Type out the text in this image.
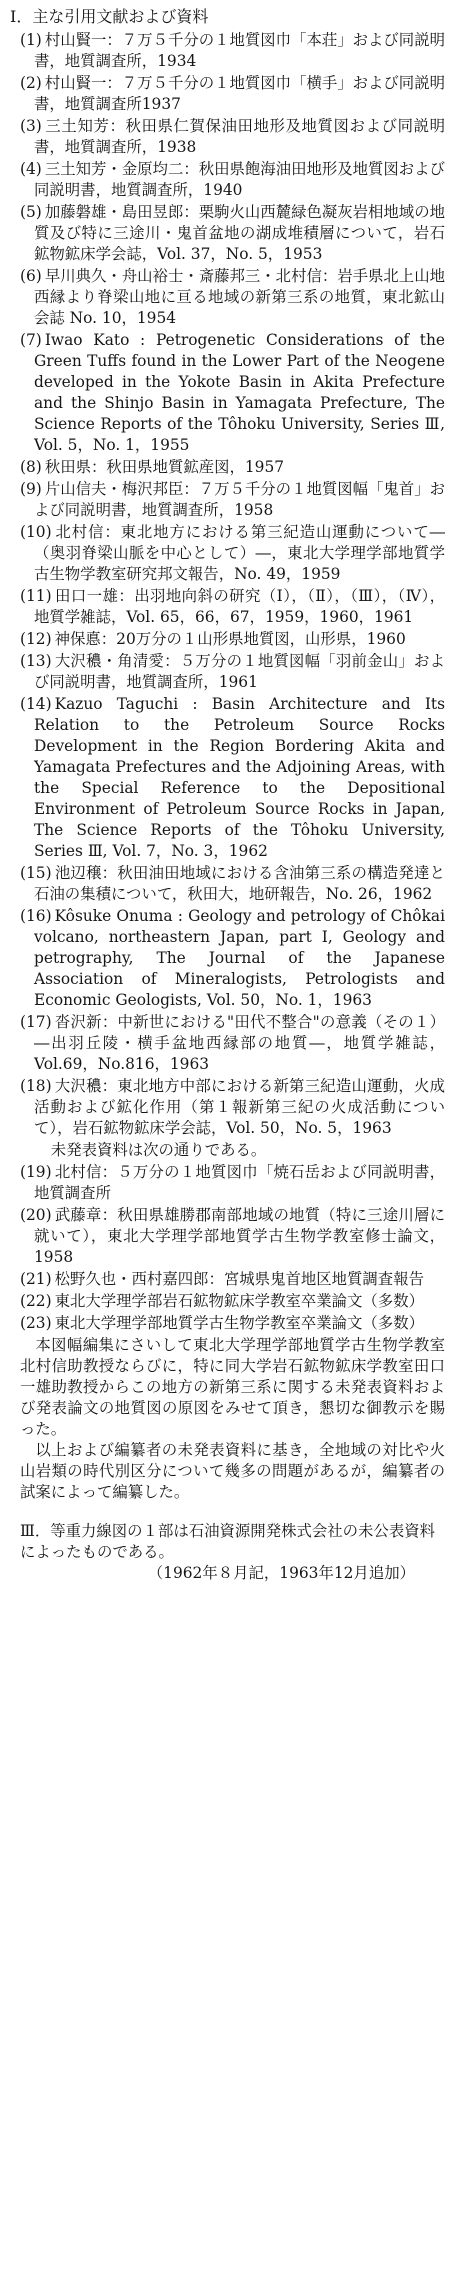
I．主な引用文献および資料
(1) 村山賢一：７万５千分の１地質図巾「本荘」および同説明書，地質調査所，1934
(2) 村山賢一：７万５千分の１地質図巾「横手」および同説明書，地質調査所1937
(3) 三土知芳：秋田県仁賀保油田地形及地質図および同説明書，地質調査所，1938
(4) 三土知芳・金原均二：秋田県飽海油田地形及地質図および同説明書，地質調査所，1940
(5) 加藤磐雄・島田昱郎：栗駒火山西麓緑色凝灰岩相地域の地質及び特に三途川・鬼首盆地の湖成堆積層について，岩石鉱物鉱床学会誌，Vol. 37，No. 5，1953
(6) 早川典久・舟山裕士・斎藤邦三・北村信：岩手県北上山地西縁より脊梁山地に亘る地域の新第三系の地質，東北鉱山会誌 No. 10，1954
(7) Iwao Kato : Petrogenetic Considerations of the Green Tuffs found in the Lower Part of the Neogene developed in the Yokote Basin in Akita Prefecture and the Shinjo Basin in Yamagata Prefecture, The Science Reports of the Tôhoku University, Series Ⅲ, Vol. 5，No. 1，1955
(8) 秋田県：秋田県地質鉱産図，1957
(9) 片山信夫・梅沢邦臣：７万５千分の１地質図幅「鬼首」および同説明書，地質調査所，1958
(10) 北村信：東北地方における第三紀造山運動について―（奥羽脊梁山脈を中心として）―，東北大学理学部地質学古生物学教室研究邦文報告，No. 49，1959
(11) 田口一雄：出羽地向斜の研究（Ⅰ），（Ⅱ），（Ⅲ），（Ⅳ），地質学雑誌，Vol. 65，66，67，1959，1960，1961
(12) 神保悳：20万分の１山形県地質図，山形県，1960
(13) 大沢穠・角清愛：５万分の１地質図幅「羽前金山」および同説明書，地質調査所，1961
(14) Kazuo Taguchi : Basin Architecture and Its Relation to the Petroleum Source Rocks Development in the Region Bordering Akita and Yamagata Prefectures and the Adjoining Areas, with the Special Reference to the Depositional Environment of Petroleum Source Rocks in Japan, The Science Reports of the Tôhoku University, Series Ⅲ, Vol. 7，No. 3，1962
(15) 池辺穣：秋田油田地域における含油第三系の構造発達と石油の集積について，秋田大，地研報告，No. 26，1962
(16) Kôsuke Onuma : Geology and petrology of Chôkai volcano, northeastern Japan, part I, Geology and petrography, The Journal of the Japanese Association of Mineralogists, Petrologists and Economic Geologists, Vol. 50，No. 1，1963
(17) 沓沢新：中新世における"田代不整合"の意義（その１）―出羽丘陵・横手盆地西縁部の地質―，地質学雑誌，Vol.69，No.816，1963
(18) 大沢穠：東北地方中部における新第三紀造山運動，火成活動および鉱化作用（第１報新第三紀の火成活動について），岩石鉱物鉱床学会誌，Vol. 50，No. 5，1963
未発表資料は次の通りである。
(19) 北村信：５万分の１地質図巾「焼石岳および同説明書，地質調査所
(20) 武藤章：秋田県雄勝郡南部地域の地質（特に三途川層に就いて），東北大学理学部地質学古生物学教室修士論文，1958
(21) 松野久也・西村嘉四郎：宮城県鬼首地区地質調査報告
(22) 東北大学理学部岩石鉱物鉱床学教室卒業論文（多数）
(23) 東北大学理学部地質学古生物学教室卒業論文（多数）

本図幅編集にさいして東北大学理学部地質学古生物学教室北村信助教授ならびに，特に同大学岩石鉱物鉱床学教室田口一雄助教授からこの地方の新第三系に関する未発表資料および発表論文の地質図の原図をみせて頂き，懇切な御教示を賜った。

以上および編纂者の未発表資料に基き，全地域の対比や火山岩類の時代別区分について幾多の問題があるが，編纂者の試案によって編纂した。

Ⅲ．等重力線図の１部は石油資源開発株式会社の未公表資料によったものである。
（1962年８月記，1963年12月追加）
